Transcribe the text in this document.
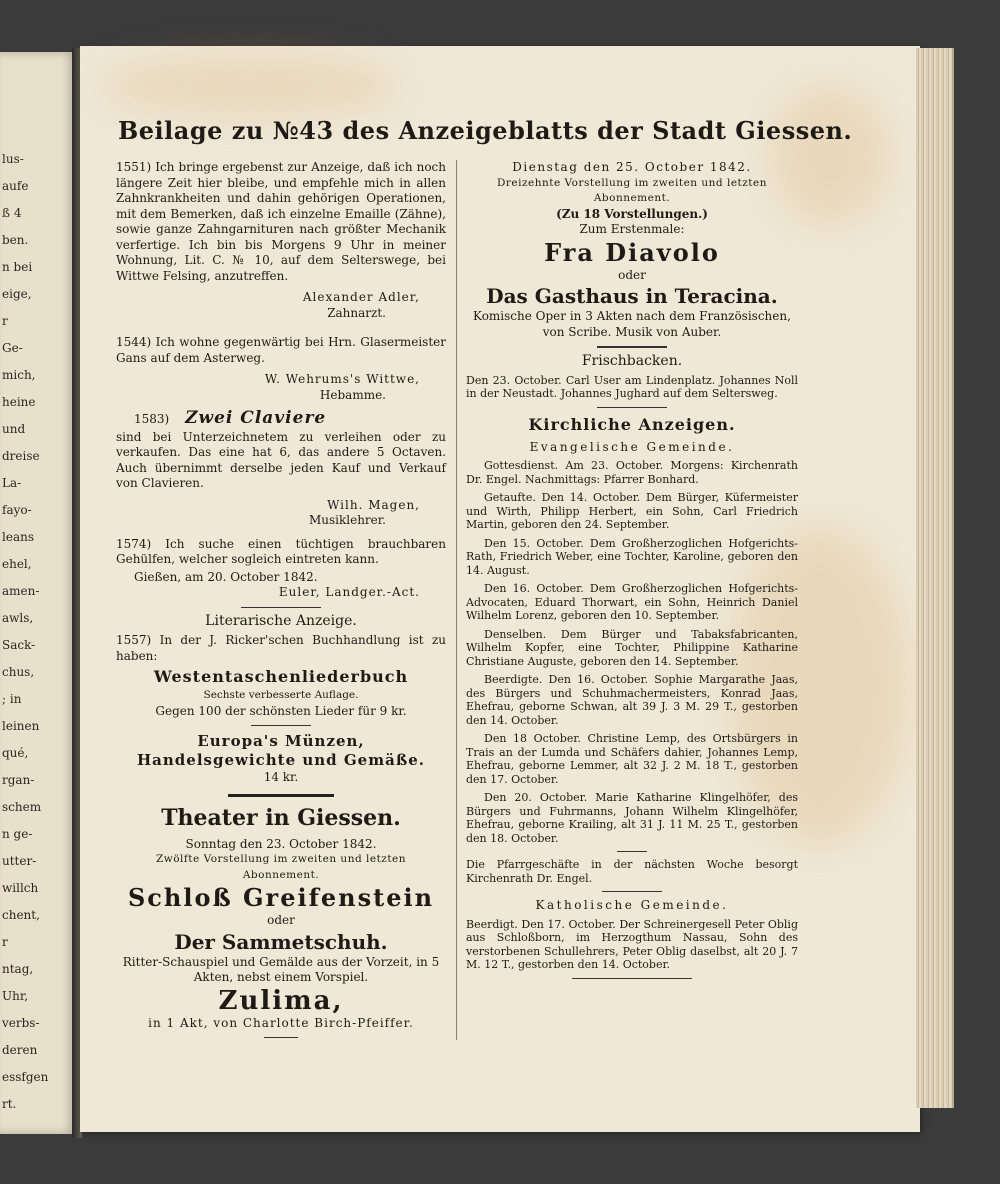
lus-
aufe
ß 4
ben.
n bei
eige,
r
Ge-
mich,
heine
und
dreise
La-
fayo-
leans
ehel,
amen-
awls,
Sack-
chus,
; in
leinen
qué,
rgan-
schem
n ge-
utter-
willch
chent,
r
ntag,
Uhr,
verbs-
deren
essfgen
rt.
Beilage zu №43 des Anzeigeblatts der Stadt Giessen.

1551) Ich bringe ergebenst zur Anzeige, daß ich noch längere Zeit hier bleibe, und empfehle mich in allen Zahnkrankheiten und dahin gehörigen Operationen, mit dem Bemerken, daß ich einzelne Emaille (Zähne), sowie ganze Zahngarnituren nach größter Mechanik verfertige. Ich bin bis Morgens 9 Uhr in meiner Wohnung, Lit. C. № 10, auf dem Selterswege, bei Wittwe Felsing, anzutreffen.

Alexander Adler,
Zahnarzt.

1544) Ich wohne gegenwärtig bei Hrn. Glasermeister Gans auf dem Asterweg.

W. Wehrums's Wittwe,
Hebamme.
1583) Zwei Claviere

sind bei Unterzeichnetem zu verleihen oder zu verkaufen. Das eine hat 6, das andere 5 Octaven. Auch übernimmt derselbe jeden Kauf und Verkauf von Clavieren.

Wilh. Magen,
Musiklehrer.

1574) Ich suche einen tüchtigen brauchbaren Gehülfen, welcher sogleich eintreten kann.

Gießen, am 20. October 1842.
Euler, Landger.-Act.
Literarische Anzeige.

1557) In der J. Ricker'schen Buchhandlung ist zu haben:

Westentaschenliederbuch
Sechste verbesserte Auflage.
Gegen 100 der schönsten Lieder für 9 kr.
Europa's Münzen, Handelsgewichte und Gemäße.
14 kr.
Theater in Giessen.
Sonntag den 23. October 1842.
Zwölfte Vorstellung im zweiten und letzten Abonnement.
Schloß Greifenstein
oder
Der Sammetschuh.
Ritter-Schauspiel und Gemälde aus der Vorzeit, in 5 Akten, nebst einem Vorspiel.
Zulima,
in 1 Akt, von Charlotte Birch-Pfeiffer.
Dienstag den 25. October 1842.
Dreizehnte Vorstellung im zweiten und letzten Abonnement.
(Zu 18 Vorstellungen.)
Zum Erstenmale:
Fra Diavolo
oder
Das Gasthaus in Teracina.
Komische Oper in 3 Akten nach dem Französischen, von Scribe. Musik von Auber.
Frischbacken.

Den 23. October. Carl User am Lindenplatz. Johannes Noll in der Neustadt. Johannes Jughard auf dem Seltersweg.

Kirchliche Anzeigen.
Evangelische Gemeinde.

Gottesdienst. Am 23. October. Morgens: Kirchenrath Dr. Engel. Nachmittags: Pfarrer Bonhard.

Getaufte. Den 14. October. Dem Bürger, Küfermeister und Wirth, Philipp Herbert, ein Sohn, Carl Friedrich Martin, geboren den 24. September.

Den 15. October. Dem Großherzoglichen Hofgerichts-Rath, Friedrich Weber, eine Tochter, Karoline, geboren den 14. August.

Den 16. October. Dem Großherzoglichen Hofgerichts-Advocaten, Eduard Thorwart, ein Sohn, Heinrich Daniel Wilhelm Lorenz, geboren den 10. September.

Denselben. Dem Bürger und Tabaksfabricanten, Wilhelm Kopfer, eine Tochter, Philippine Katharine Christiane Auguste, geboren den 14. September.

Beerdigte. Den 16. October. Sophie Margarathe Jaas, des Bürgers und Schuhmachermeisters, Konrad Jaas, Ehefrau, geborne Schwan, alt 39 J. 3 M. 29 T., gestorben den 14. October.

Den 18 October. Christine Lemp, des Ortsbürgers in Trais an der Lumda und Schäfers dahier, Johannes Lemp, Ehefrau, geborne Lemmer, alt 32 J. 2 M. 18 T., gestorben den 17. October.

Den 20. October. Marie Katharine Klingelhöfer, des Bürgers und Fuhrmanns, Johann Wilhelm Klingelhöfer, Ehefrau, geborne Krailing, alt 31 J. 11 M. 25 T., gestorben den 18. October.

Die Pfarrgeschäfte in der nächsten Woche besorgt Kirchenrath Dr. Engel.

Katholische Gemeinde.

Beerdigt. Den 17. October. Der Schreinergesell Peter Oblig aus Schloßborn, im Herzogthum Nassau, Sohn des verstorbenen Schullehrers, Peter Oblig daselbst, alt 20 J. 7 M. 12 T., gestorben den 14. October.
